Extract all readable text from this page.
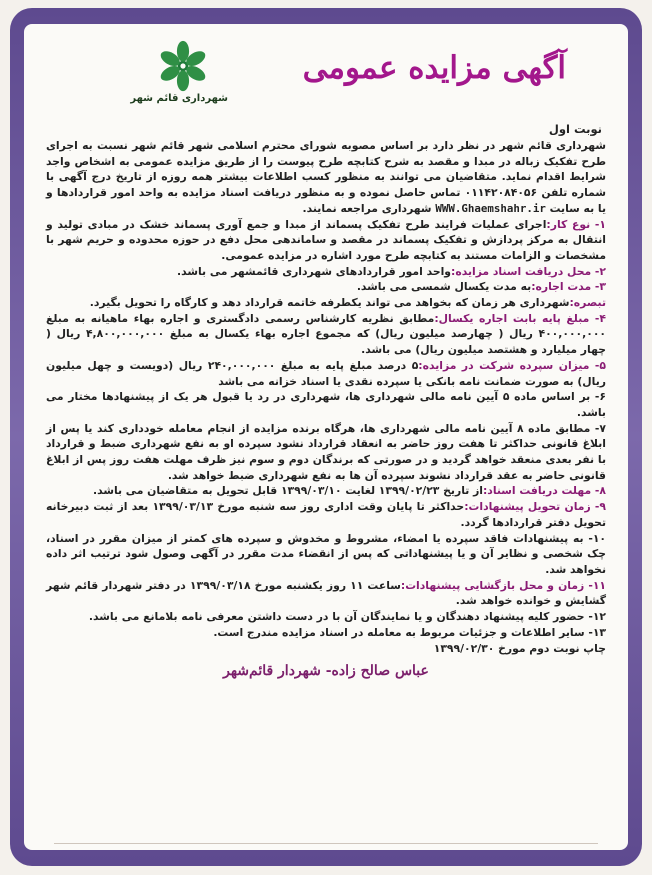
آگهی مزایده عمومی
شهرداری قائم شهر
نوبت اول

شهرداری قائم شهر در نظر دارد بر اساس مصوبه شورای محترم اسلامی شهر قائم شهر نسبت به اجرای طرح تفکیک زباله در مبدا و مقصد به شرح کتابچه طرح پیوست را از طریق مزایده عمومی به اشخاص واجد شرایط اقدام نماید. متقاضیان می توانند به منظور کسب اطلاعات بیشتر همه روزه از تاریخ درج آگهی با شماره تلفن ۰۱۱۴۲۰۸۴۰۵۶ تماس حاصل نموده و به منظور دریافت اسناد مزایده به واحد امور قراردادها و یا به سایت WWW.Ghaemshahr.ir شهرداری مراجعه نمایند.

۱- نوع کار:اجرای عملیات فرایند طرح تفکیک پسماند از مبدا و جمع آوری پسماند خشک در مبادی تولید و انتقال به مرکز پردازش و تفکیک پسماند در مقصد و ساماندهی محل دفع در حوزه محدوده و حریم شهر با مشخصات و الزامات مستند به کتابچه طرح مورد اشاره در مزایده عمومی.

۲- محل دریافت اسناد مزایده:واحد امور قراردادهای شهرداری قائمشهر می باشد.

۳- مدت اجاره:به مدت یکسال شمسی می باشد.

تبصره:شهرداری هر زمان که بخواهد می تواند یکطرفه خاتمه قرارداد دهد و کارگاه را تحویل بگیرد.

۴- مبلغ پایه بابت اجاره یکسال:مطابق نظریه کارشناس رسمی دادگستری و اجاره بهاء ماهیانه به مبلغ ۴۰۰,۰۰۰,۰۰۰ ریال ( چهارصد میلیون ریال) که مجموع اجاره بهاء یکسال به مبلغ ۴,۸۰۰,۰۰۰,۰۰۰ ریال ( چهار میلیارد و هشتصد میلیون ریال) می باشد.

۵- میزان سپرده شرکت در مزایده:۵ درصد مبلغ پایه به مبلغ ۲۴۰,۰۰۰,۰۰۰ ریال (دویست و چهل میلیون ریال) به صورت ضمانت نامه بانکی یا سپرده نقدی یا اسناد خزانه می باشد

۶- بر اساس ماده ۵ آیین نامه مالی شهرداری ها، شهرداری در رد یا قبول هر یک از پیشنهادها مختار می باشد.

۷- مطابق ماده ۸ آیین نامه مالی شهرداری ها، هرگاه برنده مزایده از انجام معامله خودداری کند یا پس از ابلاغ قانونی حداکثر تا هفت روز حاضر به انعقاد قرارداد نشود سپرده او به نفع شهرداری ضبط و قرارداد با نفر بعدی منعقد خواهد گردید و در صورتی که برندگان دوم و سوم نیز ظرف مهلت هفت روز پس از ابلاغ قانونی حاضر به عقد قرارداد نشوند سپرده آن ها به نفع شهرداری ضبط خواهد شد.

۸- مهلت دریافت اسناد:از تاریخ ۱۳۹۹/۰۲/۲۳ لغایت ۱۳۹۹/۰۳/۱۰ قابل تحویل به متقاضیان می باشد.

۹- زمان تحویل پیشنهادات:حداکثر تا پایان وقت اداری روز سه شنبه مورخ ۱۳۹۹/۰۳/۱۳ بعد از ثبت دبیرخانه تحویل دفتر قراردادها گردد.

۱۰- به پیشنهادات فاقد سپرده یا امضاء، مشروط و مخدوش و سپرده های کمتر از میزان مقرر در اسناد، چک شخصی و نظایر آن و یا پیشنهاداتی که پس از انقضاء مدت مقرر در آگهی وصول شود ترتیب اثر داده نخواهد شد.

۱۱- زمان و محل بازگشایی پیشنهادات:ساعت ۱۱ روز یکشنبه مورخ ۱۳۹۹/۰۳/۱۸ در دفتر شهردار قائم شهر گشایش و خوانده خواهد شد.

۱۲- حضور کلیه پیشنهاد دهندگان و یا نمایندگان آن با در دست داشتن معرفی نامه بلامانع می باشد.

۱۳- سایر اطلاعات و جزئیات مربوط به معامله در اسناد مزایده مندرج است.

چاپ نوبت دوم مورخ ۱۳۹۹/۰۲/۳۰

عباس صالح زاده- شهردار قائم‌شهر
